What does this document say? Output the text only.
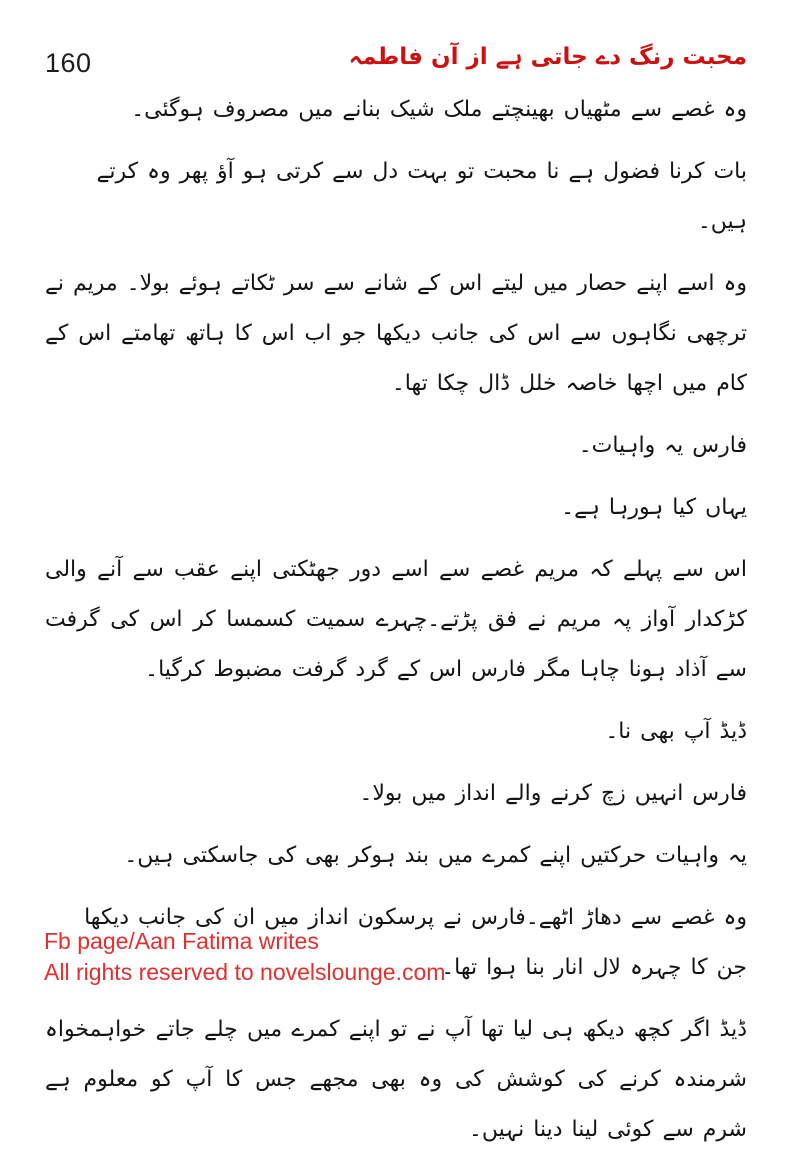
160	محبت رنگ دے جاتی ہے از آن فاطمہ

وہ غصے سے مٹھیاں بھینچتے ملک شیک بنانے میں مصروف ہوگئی۔

بات کرنا فضول ہے نا محبت تو بہت دل سے کرتی ہو آؤ پھر وہ کرتے ہیں۔

وہ اسے اپنے حصار میں لیتے اس کے شانے سے سر ٹکاتے ہوئے بولا۔ مریم نے ترچھی نگاہوں سے اس کی جانب دیکھا جو اب اس کا ہاتھ تھامتے اس کے کام میں اچھا خاصہ خلل ڈال چکا تھا۔

فارس یہ واہیات۔

یہاں کیا ہورہا ہے۔

اس سے پہلے کہ مریم غصے سے اسے دور جھٹکتی اپنے عقب سے آنے والی کڑکدار آواز پہ مریم نے فق پڑتے۔چہرے سمیت کسمسا کر اس کی گرفت سے آذاد ہونا چاہا مگر فارس اس کے گرد گرفت مضبوط کرگیا۔

ڈیڈ آپ بھی نا۔

فارس انہیں زچ کرنے والے انداز میں بولا۔

یہ واہیات حرکتیں اپنے کمرے میں بند ہوکر بھی کی جاسکتی ہیں۔

وہ غصے سے دھاڑ اٹھے۔فارس نے پرسکون انداز میں ان کی جانب دیکھا جن کا چہرہ لال انار بنا ہوا تھا۔

ڈیڈ اگر کچھ دیکھ ہی لیا تھا آپ نے تو اپنے کمرے میں چلے جاتے خواہمخواہ شرمندہ کرنے کی کوشش کی وہ بھی مجھے جس کا آپ کو معلوم ہے شرم سے کوئی لینا دینا نہیں۔

Fb page/Aan Fatima writes
All rights reserved to novelslounge.com
